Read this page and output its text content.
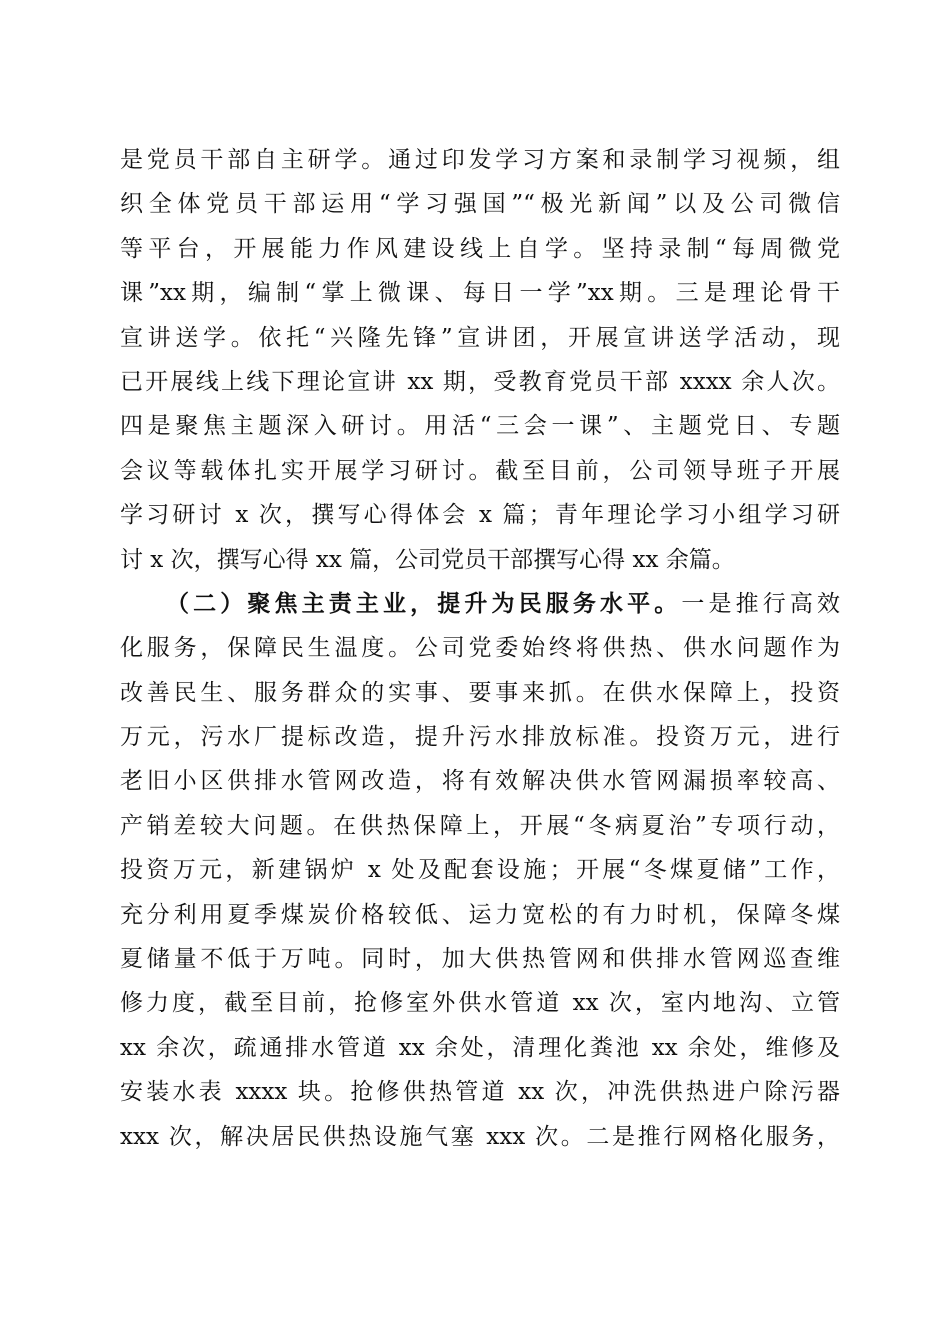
是党员干部自主研学。通过印发学习方案和录制学习视频，组
织全体党员干部运用“学习强国”“极光新闻”以及公司微信
等平台，开展能力作风建设线上自学。坚持录制“每周微党
课”xx期，编制“掌上微课、每日一学”xx期。三是理论骨干
宣讲送学。依托“兴隆先锋”宣讲团，开展宣讲送学活动，现
已开展线上线下理论宣讲 xx 期，受教育党员干部 xxxx 余人次。
四是聚焦主题深入研讨。用活“三会一课”、主题党日、专题
会议等载体扎实开展学习研讨。截至目前，公司领导班子开展
学习研讨 x 次，撰写心得体会 x 篇；青年理论学习小组学习研
讨 x 次，撰写心得 xx 篇，公司党员干部撰写心得 xx 余篇。
（二）聚焦主责主业，提升为民服务水平。一是推行高效
化服务，保障民生温度。公司党委始终将供热、供水问题作为
改善民生、服务群众的实事、要事来抓。在供水保障上，投资
万元，污水厂提标改造，提升污水排放标准。投资万元，进行
老旧小区供排水管网改造，将有效解决供水管网漏损率较高、
产销差较大问题。在供热保障上，开展“冬病夏治”专项行动，
投资万元，新建锅炉 x 处及配套设施；开展“冬煤夏储”工作，
充分利用夏季煤炭价格较低、运力宽松的有力时机，保障冬煤
夏储量不低于万吨。同时，加大供热管网和供排水管网巡查维
修力度，截至目前，抢修室外供水管道 xx 次，室内地沟、立管
xx 余次，疏通排水管道 xx 余处，清理化粪池 xx 余处，维修及
安装水表 xxxx 块。抢修供热管道 xx 次，冲洗供热进户除污器
xxx 次，解决居民供热设施气塞 xxx 次。二是推行网格化服务，
